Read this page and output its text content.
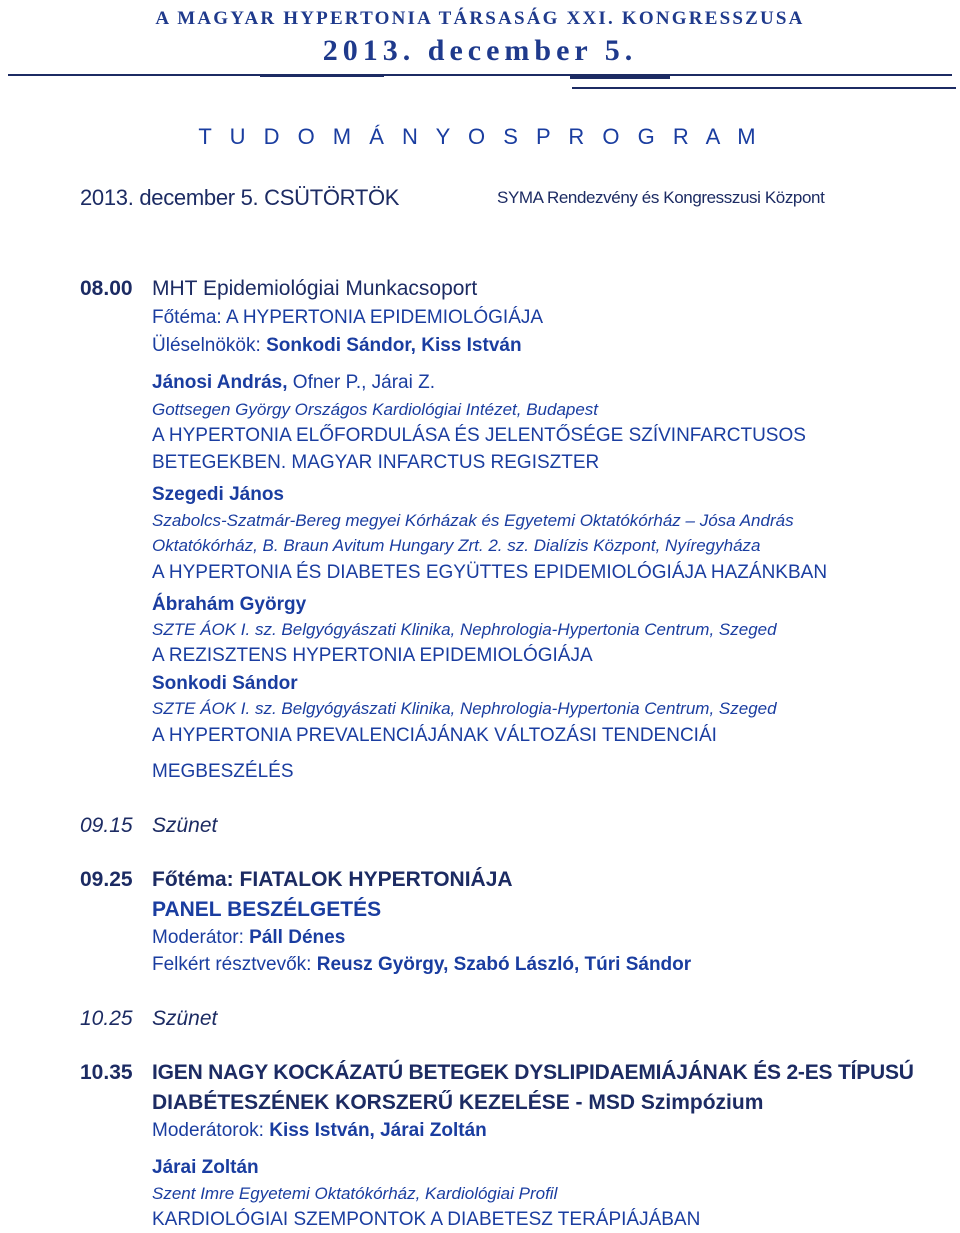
A MAGYAR HYPERTONIA TÁRSASÁG XXI. KONGRESSZUSA
2013. december 5.
T U D O M Á N Y O S P R O G R A M
2013. december 5. CSÜTÖRTÖK	SYMA Rendezvény és Kongresszusi Központ
08.00 MHT Epidemiológiai Munkacsoport
Főtéma: A HYPERTONIA EPIDEMIOLÓGIÁJA
Üléselnökök: Sonkodi Sándor, Kiss István
Jánosi András, Ofner P., Járai Z.
Gottsegen György Országos Kardiológiai Intézet, Budapest
A HYPERTONIA ELŐFORDULÁSA ÉS JELENTŐSÉGE SZÍVINFARCTUSOS
BETEGEKBEN. MAGYAR INFARCTUS REGISZTER
Szegedi János
Szabolcs-Szatmár-Bereg megyei Kórházak és Egyetemi Oktatókórház – Jósa András
Oktatókórház, B. Braun Avitum Hungary Zrt. 2. sz. Dialízis Központ, Nyíregyháza
A HYPERTONIA ÉS DIABETES EGYÜTTES EPIDEMIOLÓGIÁJA HAZÁNKBAN
Ábrahám György
SZTE ÁOK I. sz. Belgyógyászati Klinika, Nephrologia-Hypertonia Centrum, Szeged
A REZISZTENS HYPERTONIA EPIDEMIOLÓGIÁJA
Sonkodi Sándor
SZTE ÁOK I. sz. Belgyógyászati Klinika, Nephrologia-Hypertonia Centrum, Szeged
A HYPERTONIA PREVALENCIÁJÁNAK VÁLTOZÁSI TENDENCIÁI
MEGBESZÉLÉS
09.15 Szünet
09.25 Főtéma: FIATALOK HYPERTONIÁJA
PANEL BESZÉLGETÉS
Moderátor: Páll Dénes
Felkért résztvevők: Reusz György, Szabó László, Túri Sándor
10.25 Szünet
10.35 IGEN NAGY KOCKÁZATÚ BETEGEK DYSLIPIDAEMIÁJÁNAK ÉS 2-ES TÍPUSÚ
DIABÉTESZÉNEK KORSZERŰ KEZELÉSE - MSD Szimpózium
Moderátorok: Kiss István, Járai Zoltán
Járai Zoltán
Szent Imre Egyetemi Oktatókórház, Kardiológiai Profil
KARDIOLÓGIAI SZEMPONTOK A DIABETESZ TERÁPIÁJÁBAN
